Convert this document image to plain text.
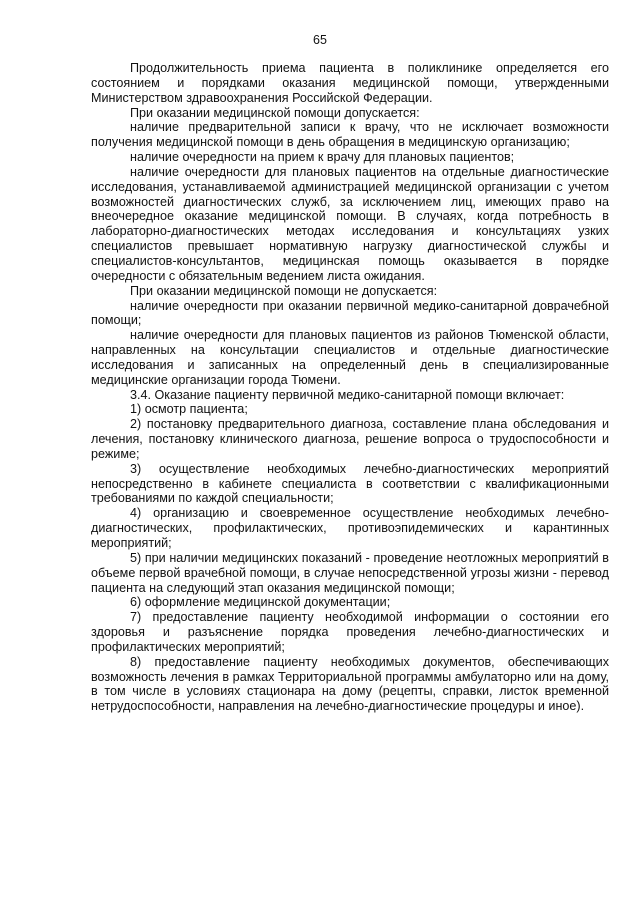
65

Продолжительность приема пациента в поликлинике определяется его состоянием и порядками оказания медицинской помощи, утвержденными Министерством здравоохранения Российской Федерации.

При оказании медицинской помощи допускается:

наличие предварительной записи к врачу, что не исключает возможности получения медицинской помощи в день обращения в медицинскую организацию;

наличие очередности на прием к врачу для плановых пациентов;

наличие очередности для плановых пациентов на отдельные диагностические исследования, устанавливаемой администрацией медицинской организации с учетом возможностей диагностических служб, за исключением лиц, имеющих право на внеочередное оказание медицинской помощи. В случаях, когда потребность в лабораторно-диагностических методах исследования и консультациях узких специалистов превышает нормативную нагрузку диагностической службы и специалистов-консультантов, медицинская помощь оказывается в порядке очередности с обязательным ведением листа ожидания.

При оказании медицинской помощи не допускается:

наличие очередности при оказании первичной медико-санитарной доврачебной помощи;

наличие очередности для плановых пациентов из районов Тюменской области, направленных на консультации специалистов и отдельные диагностические исследования и записанных на определенный день в специализированные медицинские организации города Тюмени.

3.4. Оказание пациенту первичной медико-санитарной помощи включает:

1) осмотр пациента;

2) постановку предварительного диагноза, составление плана обследования и лечения, постановку клинического диагноза, решение вопроса о трудоспособности и режиме;

3) осуществление необходимых лечебно-диагностических мероприятий непосредственно в кабинете специалиста в соответствии с квалификационными требованиями по каждой специальности;

4) организацию и своевременное осуществление необходимых лечебно-диагностических, профилактических, противоэпидемических и карантинных мероприятий;

5) при наличии медицинских показаний - проведение неотложных мероприятий в объеме первой врачебной помощи, в случае непосредственной угрозы жизни - перевод пациента на следующий этап оказания медицинской помощи;

6) оформление медицинской документации;

7) предоставление пациенту необходимой информации о состоянии его здоровья и разъяснение порядка проведения лечебно-диагностических и профилактических мероприятий;

8) предоставление пациенту необходимых документов, обеспечивающих возможность лечения в рамках Территориальной программы амбулаторно или на дому, в том числе в условиях стационара на дому (рецепты, справки, листок временной нетрудоспособности, направления на лечебно-диагностические процедуры и иное).
